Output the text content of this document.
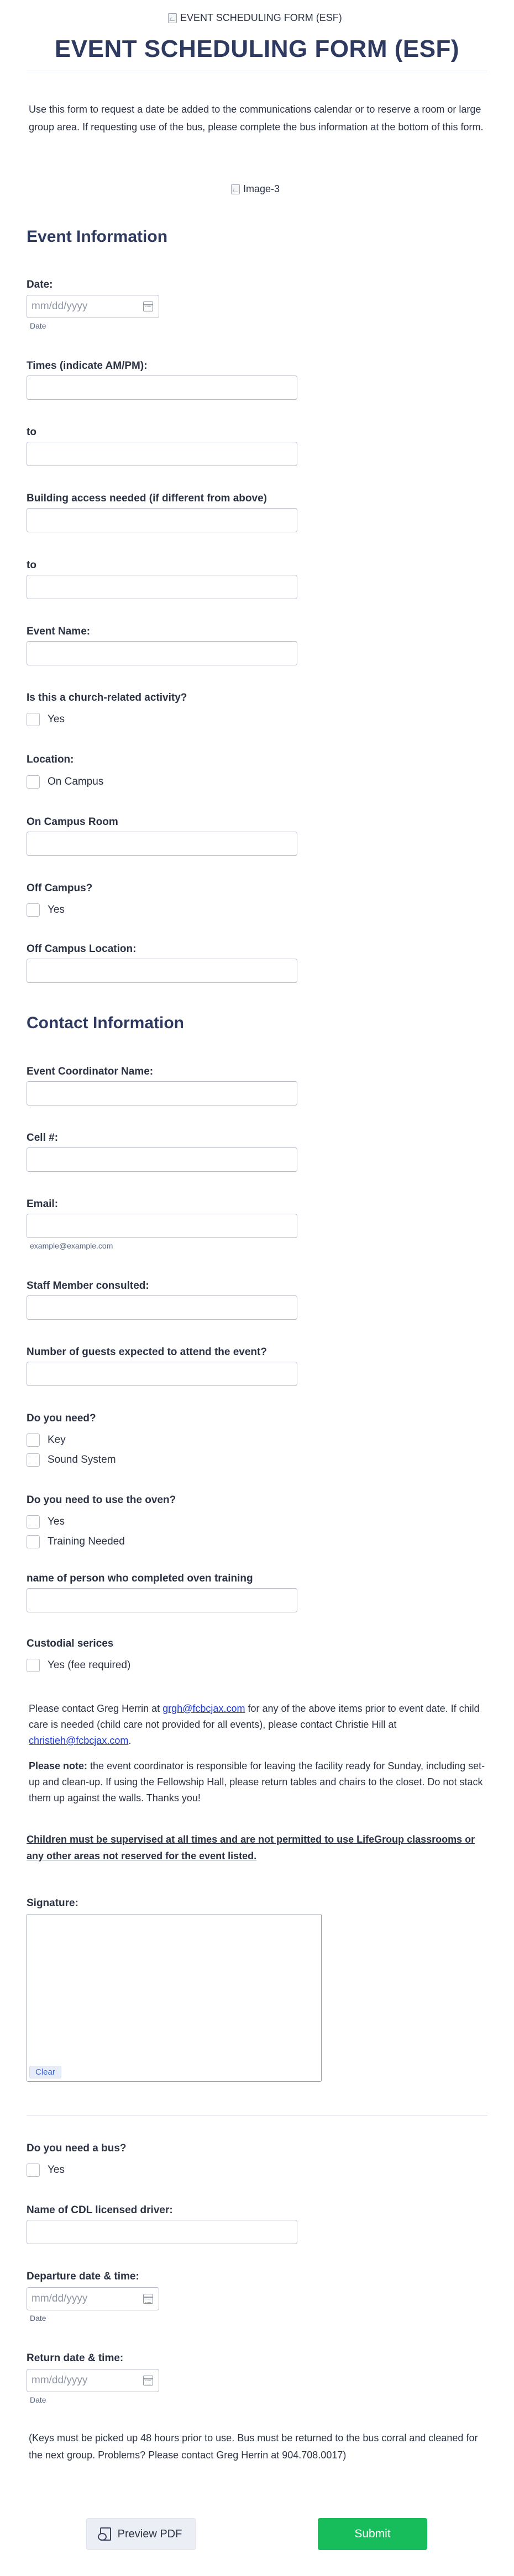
EVENT SCHEDULING FORM (ESF)
EVENT SCHEDULING FORM (ESF)
Use this form to request a date be added to the communications calendar or to reserve a room or large group area. If requesting use of the bus, please complete the bus information at the bottom of this form.
Image-3
Event Information
Date:
mm/dd/yyyy
Date
Times (indicate AM/PM):
to
Building access needed (if different from above)
to
Event Name:
Is this a church-related activity?
Yes
Location:
On Campus
On Campus Room
Off Campus?
Yes
Off Campus Location:
Contact Information
Event Coordinator Name:
Cell #:
Email:
example@example.com
Staff Member consulted:
Number of guests expected to attend the event?
Do you need?
Key
Sound System
Do you need to use the oven?
Yes
Training Needed
name of person who completed oven training
Custodial serices
Yes (fee required)
Please contact Greg Herrin at grgh@fcbcjax.com for any of the above items prior to event date. If child care is needed (child care not provided for all events), please contact Christie Hill at christieh@fcbcjax.com.
Please note: the event coordinator is responsible for leaving the facility ready for Sunday, including set-up and clean-up. If using the Fellowship Hall, please return tables and chairs to the closet. Do not stack them up against the walls. Thanks you!
Children must be supervised at all times and are not permitted to use LifeGroup classrooms or any other areas not reserved for the event listed.
Signature:
Clear
Do you need a bus?
Yes
Name of CDL licensed driver:
Departure date & time:
mm/dd/yyyy
Date
Return date & time:
mm/dd/yyyy
Date
(Keys must be picked up 48 hours prior to use. Bus must be returned to the bus corral and cleaned for the next group. Problems? Please contact Greg Herrin at 904.708.0017)
Preview PDF	Submit
